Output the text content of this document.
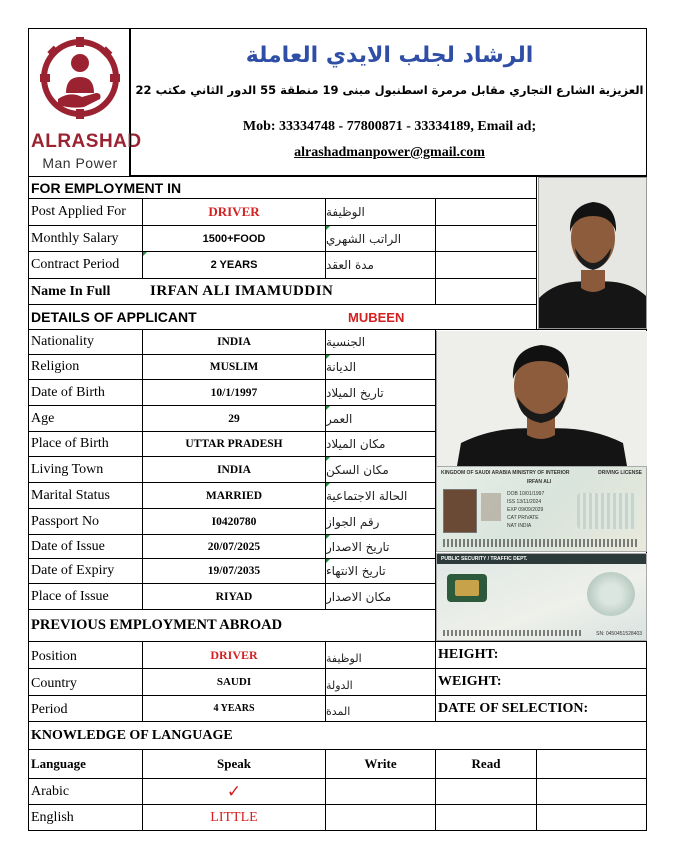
ALRASHAD
Man Power
الرشاد لجلب الايدي العاملة
العزيزية الشارع التجاري مقابل مرمرة اسطنبول مبنى 19 منطقة 55 الدور الثاني مكتب 22
Mob: 33334748 - 77800871 - 33334189, Email ad;
alrashadmanpower@gmail.com
FOR EMPLOYMENT IN
Post Applied For	DRIVER	الوظيفة
Monthly Salary	1500+FOOD	الراتب الشهري
Contract Period	2 YEARS	مدة العقد
Name In Full	IRFAN ALI IMAMUDDIN
DETAILS OF APPLICANT	MUBEEN
Nationality	INDIA	الجنسية
Religion	MUSLIM	الديانة
Date of Birth	10/1/1997	تاريخ الميلاد
Age	29	العمر
Place of Birth	UTTAR PRADESH	مكان الميلاد
Living Town	INDIA	مكان السكن
Marital Status	MARRIED	الحالة الاجتماعية
Passport No	I0420780	رقم الجواز
Date of Issue	20/07/2025	تاريخ الاصدار
Date of Expiry	19/07/2035	تاريخ الانتهاء
Place of Issue	RIYAD	مكان الاصدار
PREVIOUS EMPLOYMENT ABROAD
Position	DRIVER	الوظيفة	HEIGHT:
Country	SAUDI	الدولة	WEIGHT:
Period	4 YEARS	المدة	DATE OF SELECTION:
KNOWLEDGE OF LANGUAGE
Language	Speak	Write	Read
Arabic	✓
English	LITTLE
KINGDOM OF SAUDI ARABIA MINISTRY OF INTERIOR	DRIVING LICENSE
IRFAN ALI
DOB 10/01/1997
ISS 13/11/2024
EXP 09/09/2029
CAT PRIVATE
NAT INDIA
PUBLIC SECURITY / TRAFFIC DEPT.
SN: 0450451528403
